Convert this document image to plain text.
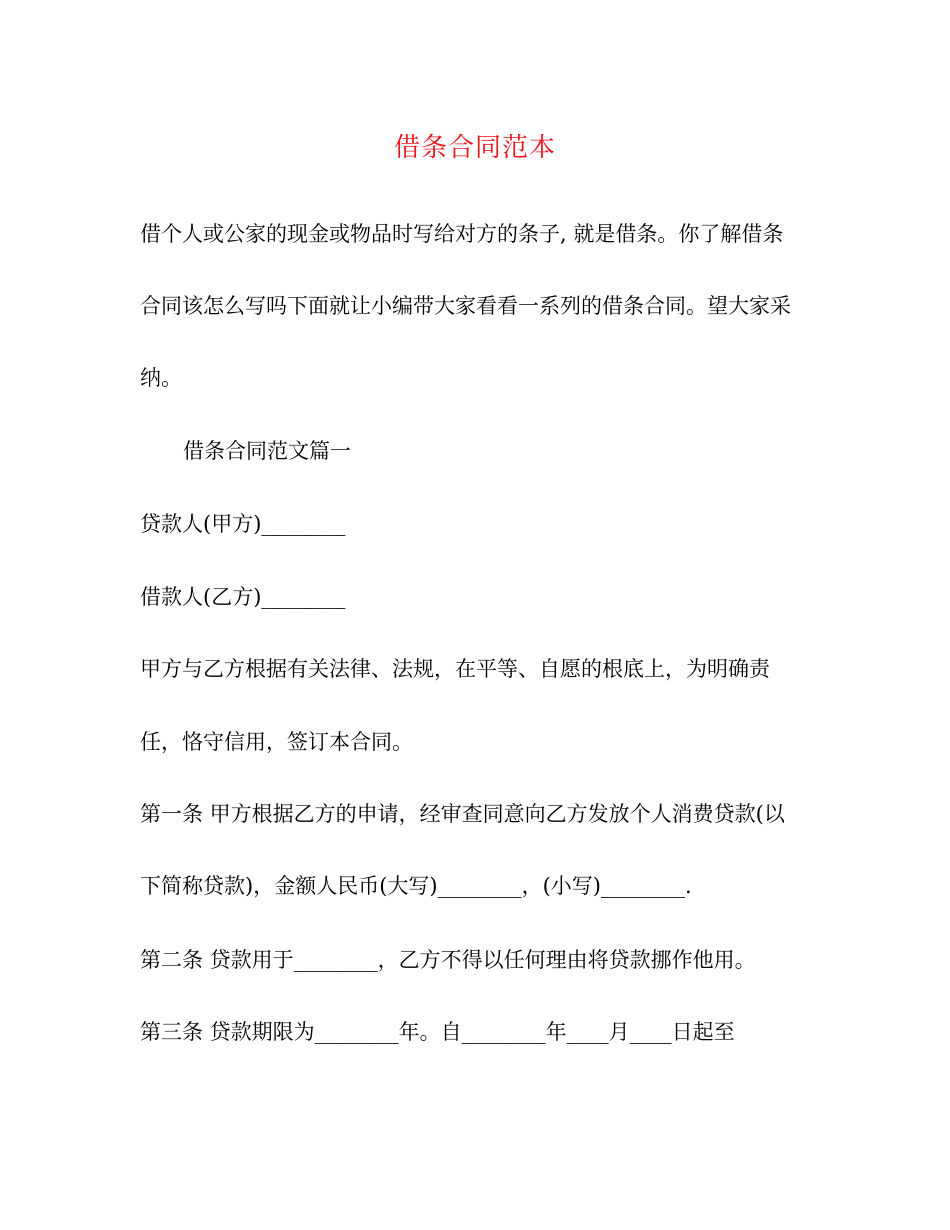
借条合同范本
借个人或公家的现金或物品时写给对方的条子, 就是借条。你了解借条
合同该怎么写吗下面就让小编带大家看看一系列的借条合同。望大家采
纳。
借条合同范文篇一
贷款人(甲方)________
借款人(乙方)________
甲方与乙方根据有关法律、法规，在平等、自愿的根底上，为明确责
任，恪守信用，签订本合同。
第一条 甲方根据乙方的申请，经审查同意向乙方发放个人消费贷款(以
下简称贷款)，金额人民币(大写)________，(小写)________.
第二条 贷款用于________，乙方不得以任何理由将贷款挪作他用。
第三条 贷款期限为________年。自________年____月____日起至
